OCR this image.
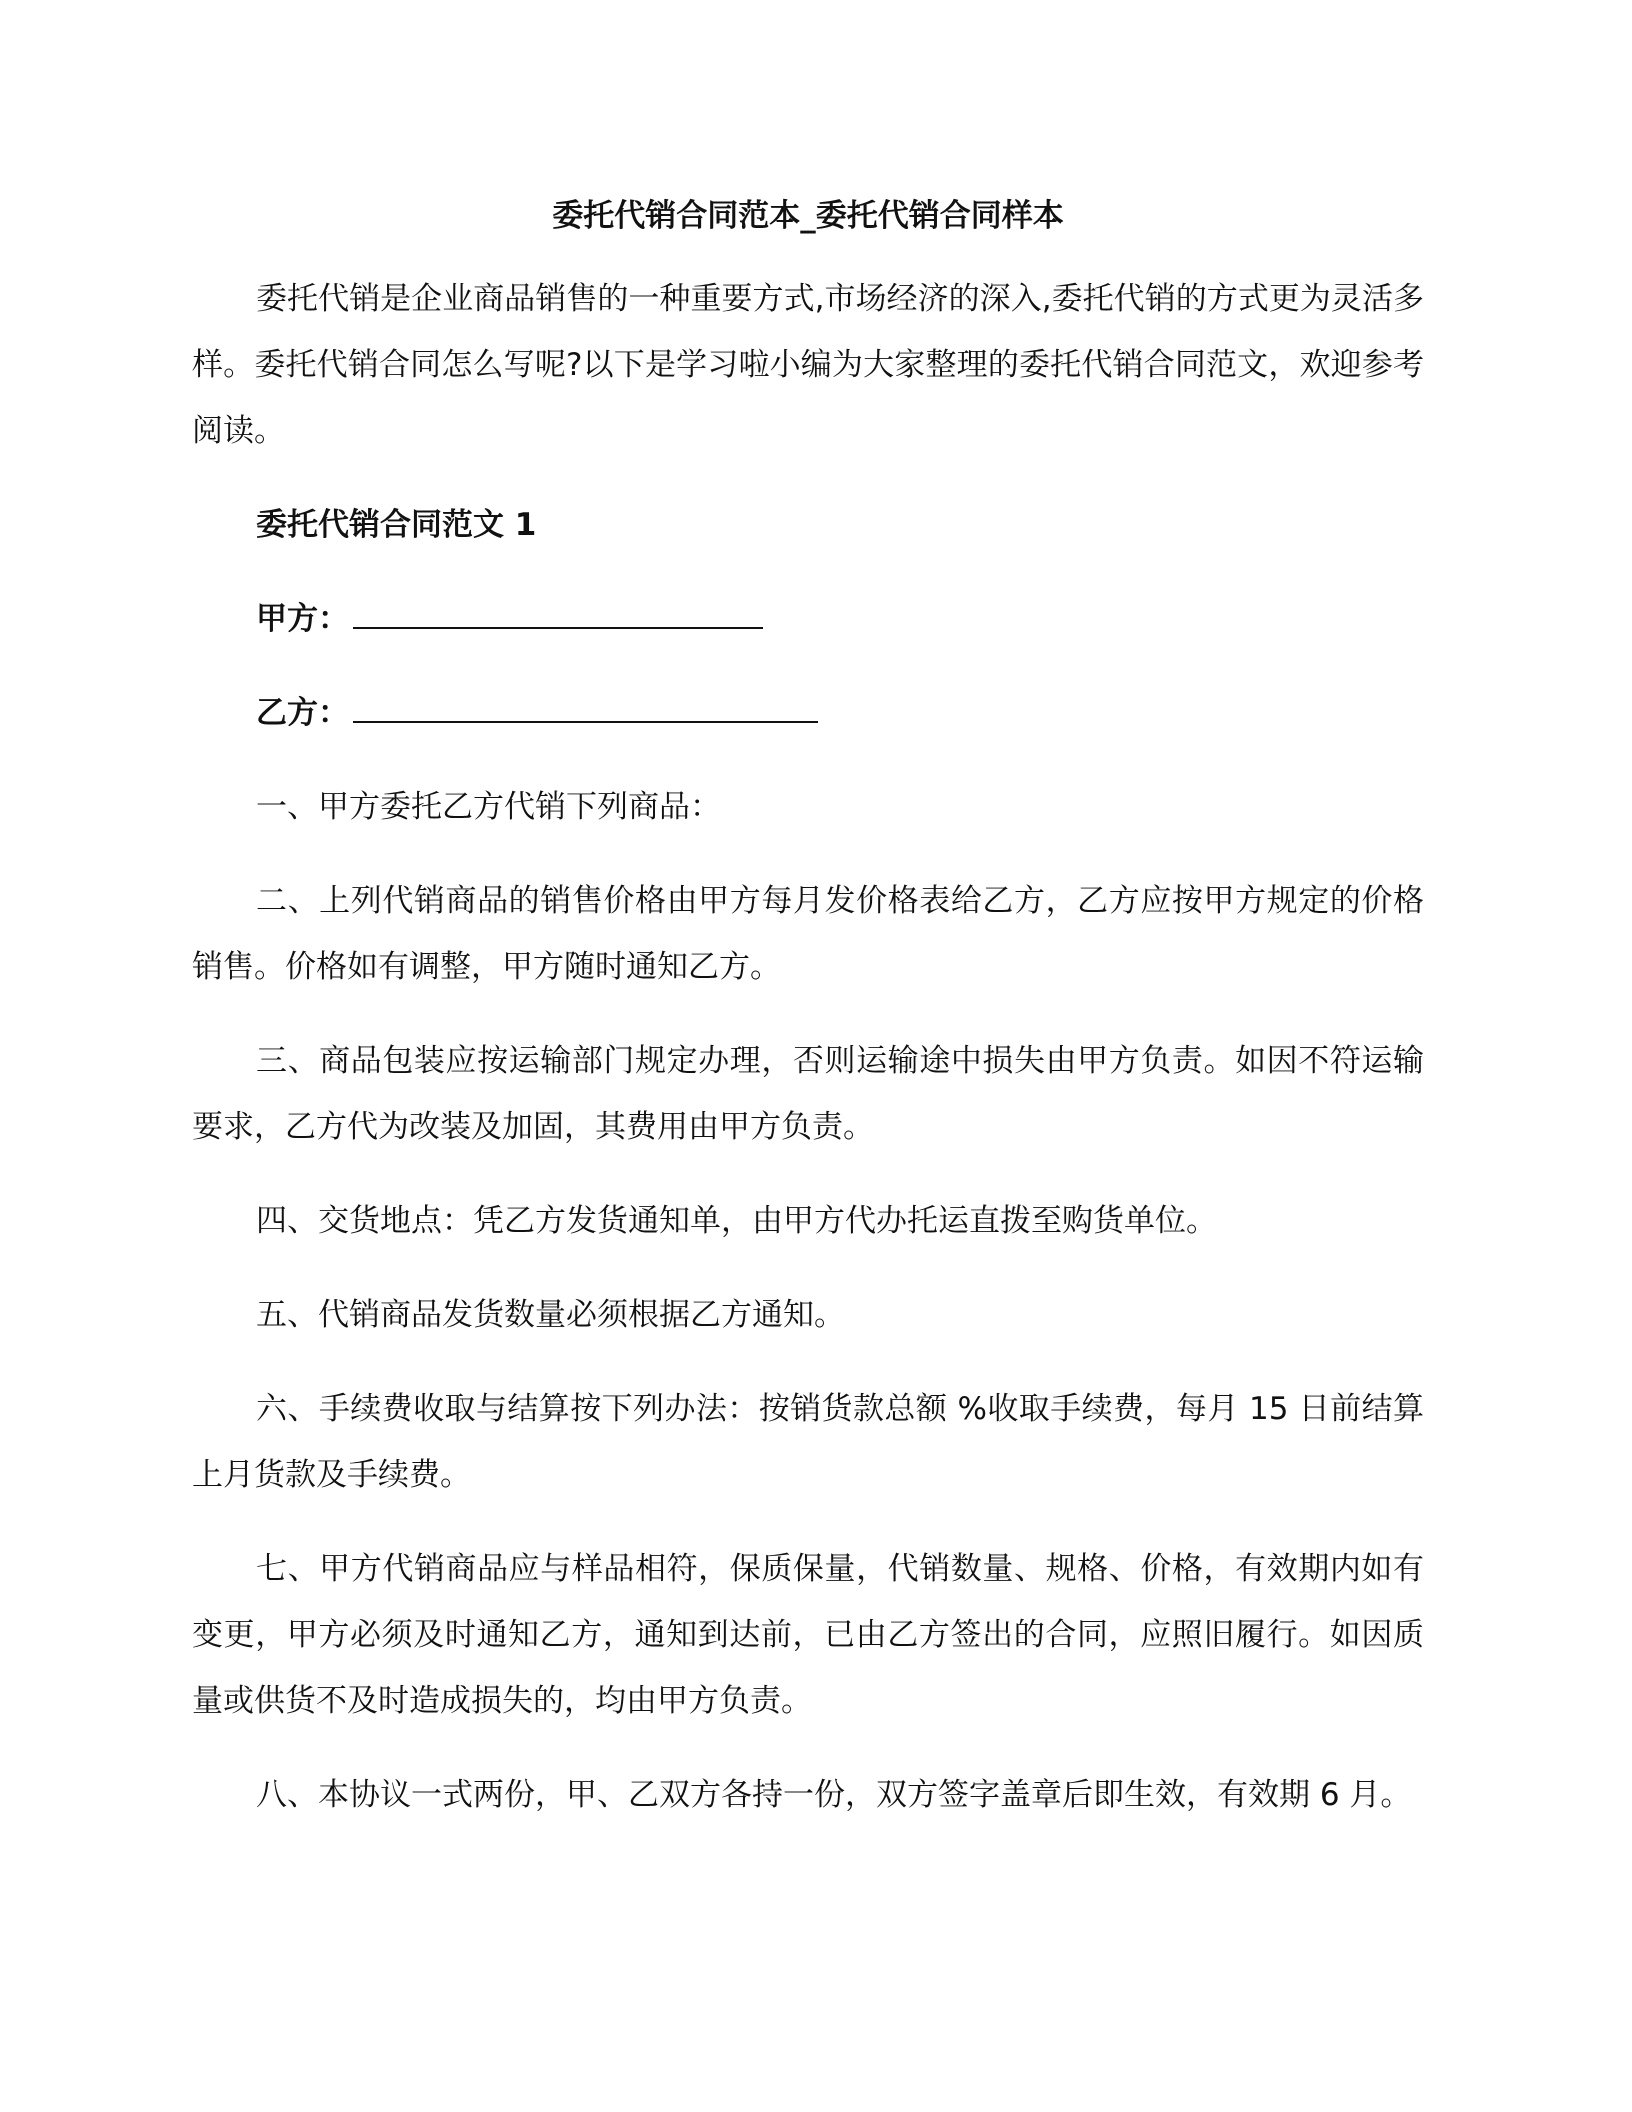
委托代销合同范本_委托代销合同样本

委托代销是企业商品销售的一种重要方式,市场经济的深入,委托代销的方式更为灵活多样。委托代销合同怎么写呢?以下是学习啦小编为大家整理的委托代销合同范文，欢迎参考阅读。

委托代销合同范文 1

甲方：

乙方：

一、甲方委托乙方代销下列商品：

二、上列代销商品的销售价格由甲方每月发价格表给乙方，乙方应按甲方规定的价格销售。价格如有调整，甲方随时通知乙方。

三、商品包装应按运输部门规定办理，否则运输途中损失由甲方负责。如因不符运输要求，乙方代为改装及加固，其费用由甲方负责。

四、交货地点：凭乙方发货通知单，由甲方代办托运直拨至购货单位。

五、代销商品发货数量必须根据乙方通知。

六、手续费收取与结算按下列办法：按销货款总额 %收取手续费，每月 15 日前结算上月货款及手续费。

七、甲方代销商品应与样品相符，保质保量，代销数量、规格、价格，有效期内如有变更，甲方必须及时通知乙方，通知到达前，已由乙方签出的合同，应照旧履行。如因质量或供货不及时造成损失的，均由甲方负责。

八、本协议一式两份，甲、乙双方各持一份，双方签字盖章后即生效，有效期 6 月。
